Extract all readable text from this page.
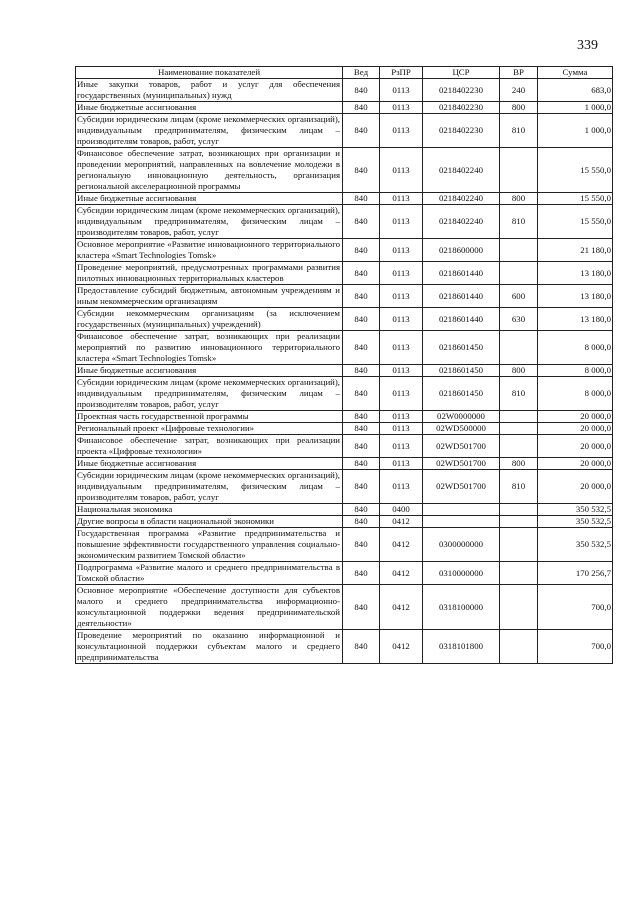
339
Наименование показателей	Вед	РзПР	ЦСР	ВР	Сумма
Иные закупки товаров, работ и услуг для обеспечения государственных (муниципальных) нужд	840	0113	0218402230	240	683,0
Иные бюджетные ассигнования	840	0113	0218402230	800	1 000,0
Субсидии юридическим лицам (кроме некоммерческих организаций), индивидуальным предпринимателям, физическим лицам – производителям товаров, работ, услуг	840	0113	0218402230	810	1 000,0
Финансовое обеспечение затрат, возникающих при организации и проведении мероприятий, направленных на вовлечение молодежи в региональную инновационную деятельность, организация региональной акселерационной программы	840	0113	0218402240		15 550,0
Иные бюджетные ассигнования	840	0113	0218402240	800	15 550,0
Субсидии юридическим лицам (кроме некоммерческих организаций), индивидуальным предпринимателям, физическим лицам – производителям товаров, работ, услуг	840	0113	0218402240	810	15 550,0
Основное мероприятие «Развитие инновационного территориального кластера «Smart Technologies Tomsk»	840	0113	0218600000		21 180,0
Проведение мероприятий, предусмотренных программами развития пилотных инновационных территориальных кластеров	840	0113	0218601440		13 180,0
Предоставление субсидий бюджетным, автономным учреждениям и иным некоммерческим организациям	840	0113	0218601440	600	13 180,0
Субсидии некоммерческим организациям (за исключением государственных (муниципальных) учреждений)	840	0113	0218601440	630	13 180,0
Финансовое обеспечение затрат, возникающих при реализации мероприятий по развитию инновационного территориального кластера «Smart Technologies Tomsk»	840	0113	0218601450		8 000,0
Иные бюджетные ассигнования	840	0113	0218601450	800	8 000,0
Субсидии юридическим лицам (кроме некоммерческих организаций), индивидуальным предпринимателям, физическим лицам – производителям товаров, работ, услуг	840	0113	0218601450	810	8 000,0
Проектная часть государственной программы	840	0113	02W0000000		20 000,0
Региональный проект «Цифровые технологии»	840	0113	02WD500000		20 000,0
Финансовое обеспечение затрат, возникающих при реализации проекта «Цифровые технологии»	840	0113	02WD501700		20 000,0
Иные бюджетные ассигнования	840	0113	02WD501700	800	20 000,0
Субсидии юридическим лицам (кроме некоммерческих организаций), индивидуальным предпринимателям, физическим лицам – производителям товаров, работ, услуг	840	0113	02WD501700	810	20 000,0
Национальная экономика	840	0400			350 532,5
Другие вопросы в области национальной экономики	840	0412			350 532,5
Государственная программа «Развитие предпринимательства и повышение эффективности государственного управления социально-экономическим развитием Томской области»	840	0412	0300000000		350 532,5
Подпрограмма «Развитие малого и среднего предпринимательства в Томской области»	840	0412	0310000000		170 256,7
Основное мероприятие «Обеспечение доступности для субъектов малого и среднего предпринимательства информационно-консультационной поддержки ведения предпринимательской деятельности»	840	0412	0318100000		700,0
Проведение мероприятий по оказанию информационной и консультационной поддержки субъектам малого и среднего предпринимательства	840	0412	0318101800		700,0
